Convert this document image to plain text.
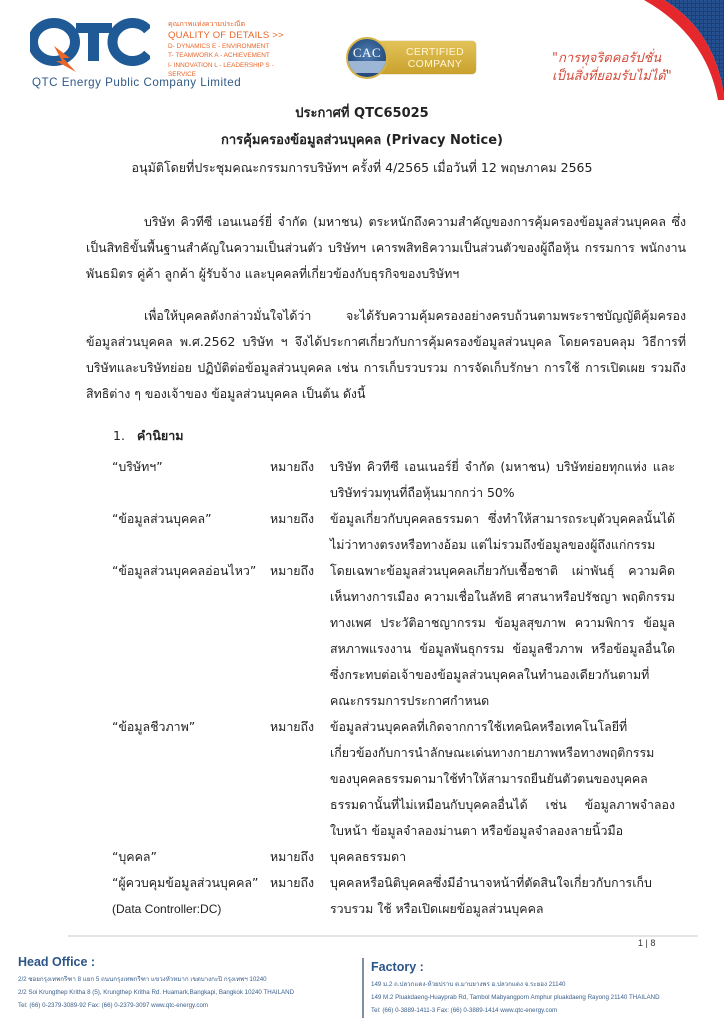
คุณภาพแห่งความประณีต
QUALITY OF DETAILS >>
D- DYNAMICS E - ENVIRONMENT
T- TEAMWORK A - ACHIEVEMENT
I- INNOVATION L - LEADERSHIP S - SERVICE
QTC Energy Public Company Limited
CERTIFIED
COMPANY
CAC	"การทุจริตคอรัปชั่น
เป็นสิ่งที่ยอมรับไม่ได้"
ประกาศที่ QTC65025
การคุ้มครองข้อมูลส่วนบุคคล (Privacy Notice)
อนุมัติโดยที่ประชุมคณะกรรมการบริษัทฯ ครั้งที่ 4/2565 เมื่อวันที่ 12 พฤษภาคม 2565
บริษัท คิวทีซี เอนเนอร์ยี่ จำกัด (มหาชน) ตระหนักถึงความสำคัญของการคุ้มครองข้อมูลส่วนบุคคล ซึ่งเป็นสิทธิขั้นพื้นฐานสำคัญในความเป็นส่วนตัว บริษัทฯ เคารพสิทธิความเป็นส่วนตัวของผู้ถือหุ้น กรรมการ พนักงาน พันธมิตร คู่ค้า ลูกค้า ผู้รับจ้าง และบุคคลที่เกี่ยวข้องกับธุรกิจของบริษัทฯ
เพื่อให้บุคคลดังกล่าวมั่นใจได้ว่า จะได้รับความคุ้มครองอย่างครบถ้วนตามพระราชบัญญัติคุ้มครองข้อมูลส่วนบุคคล พ.ศ.2562 บริษัท ฯ จึงได้ประกาศเกี่ยวกับการคุ้มครองข้อมูลส่วนบุคล โดยครอบคลุม วิธีการที่บริษัทและบริษัทย่อย ปฏิบัติต่อข้อมูลส่วนบุคคล เช่น การเก็บรวบรวม การจัดเก็บรักษา การใช้ การเปิดเผย รวมถึงสิทธิต่าง ๆ ของเจ้าของ ข้อมูลส่วนบุคคล เป็นต้น ดังนี้
1. คำนิยาม
“บริษัทฯ”	หมายถึง	บริษัท คิวทีซี เอนเนอร์ยี่ จำกัด (มหาชน) บริษัทย่อยทุกแห่ง และบริษัทร่วมทุนที่ถือหุ้นมากกว่า 50%
“ข้อมูลส่วนบุคคล”	หมายถึง	ข้อมูลเกี่ยวกับบุคคลธรรมดา ซึ่งทำให้สามารถระบุตัวบุคคลนั้นได้ ไม่ว่าทางตรงหรือทางอ้อม แต่ไม่รวมถึงข้อมูลของผู้ถึงแก่กรรม
“ข้อมูลส่วนบุคคลอ่อนไหว”	หมายถึง	โดยเฉพาะข้อมูลส่วนบุคคลเกี่ยวกับเชื้อชาติ เผ่าพันธุ์ ความคิดเห็นทางการเมือง ความเชื่อในลัทธิ ศาสนาหรือปรัชญา พฤติกรรมทางเพศ ประวัติอาชญากรรม ข้อมูลสุขภาพ ความพิการ ข้อมูลสหภาพแรงงาน ข้อมูลพันธุกรรม ข้อมูลชีวภาพ หรือข้อมูลอื่นใดซึ่งกระทบต่อเจ้าของข้อมูลส่วนบุคคลในทำนองเดียวกันตามที่คณะกรรมการประกาศกำหนด
“ข้อมูลชีวภาพ”	หมายถึง	ข้อมูลส่วนบุคคลที่เกิดจากการใช้เทคนิคหรือเทคโนโลยีที่เกี่ยวข้องกับการนำลักษณะเด่นทางกายภาพหรือทางพฤติกรรมของบุคคลธรรมดามาใช้ทำให้สามารถยืนยันตัวตนของบุคคลธรรมดานั้นที่ไม่เหมือนกับบุคคลอื่นได้ เช่น ข้อมูลภาพจำลองใบหน้า ข้อมูลจำลองม่านตา หรือข้อมูลจำลองลายนิ้วมือ
“บุคคล”	หมายถึง	บุคคลธรรมดา
“ผู้ควบคุมข้อมูลส่วนบุคคล”
(Data Controller:DC)
หมายถึง	บุคคลหรือนิติบุคคลซึ่งมีอำนาจหน้าที่ตัดสินใจเกี่ยวกับการเก็บรวบรวม ใช้ หรือเปิดเผยข้อมูลส่วนบุคคล
1 | 8
Head Office :

2/2 ซอยกรุงเทพกรีฑา 8 แยก 5 ถนนกรุงเทพกรีฑา แขวงหัวหมาก เขตบางกะปิ กรุงเทพฯ 10240

2/2 Soi Krungthep Kritha 8 (5), Krungthep Kritha Rd. Huamark,Bangkapi, Bangkok 10240 THAILAND

Tel: (66) 0-2379-3089-92 Fax: (66) 0-2379-3097 www.qtc-energy.com

Factory :

149 ม.2 ถ.ปลวกแดง-ห้วยปราบ ต.มาบยางพร อ.ปลวกแดง จ.ระยอง 21140

149 M.2 Pluakdaeng-Huayprab Rd, Tambol Mabyangporn Amphur pluakdaeng Rayong 21140 THAILAND

Tel: (66) 0-3889-1411-3 Fax: (66) 0-3889-1414 www.qtc-energy.com
